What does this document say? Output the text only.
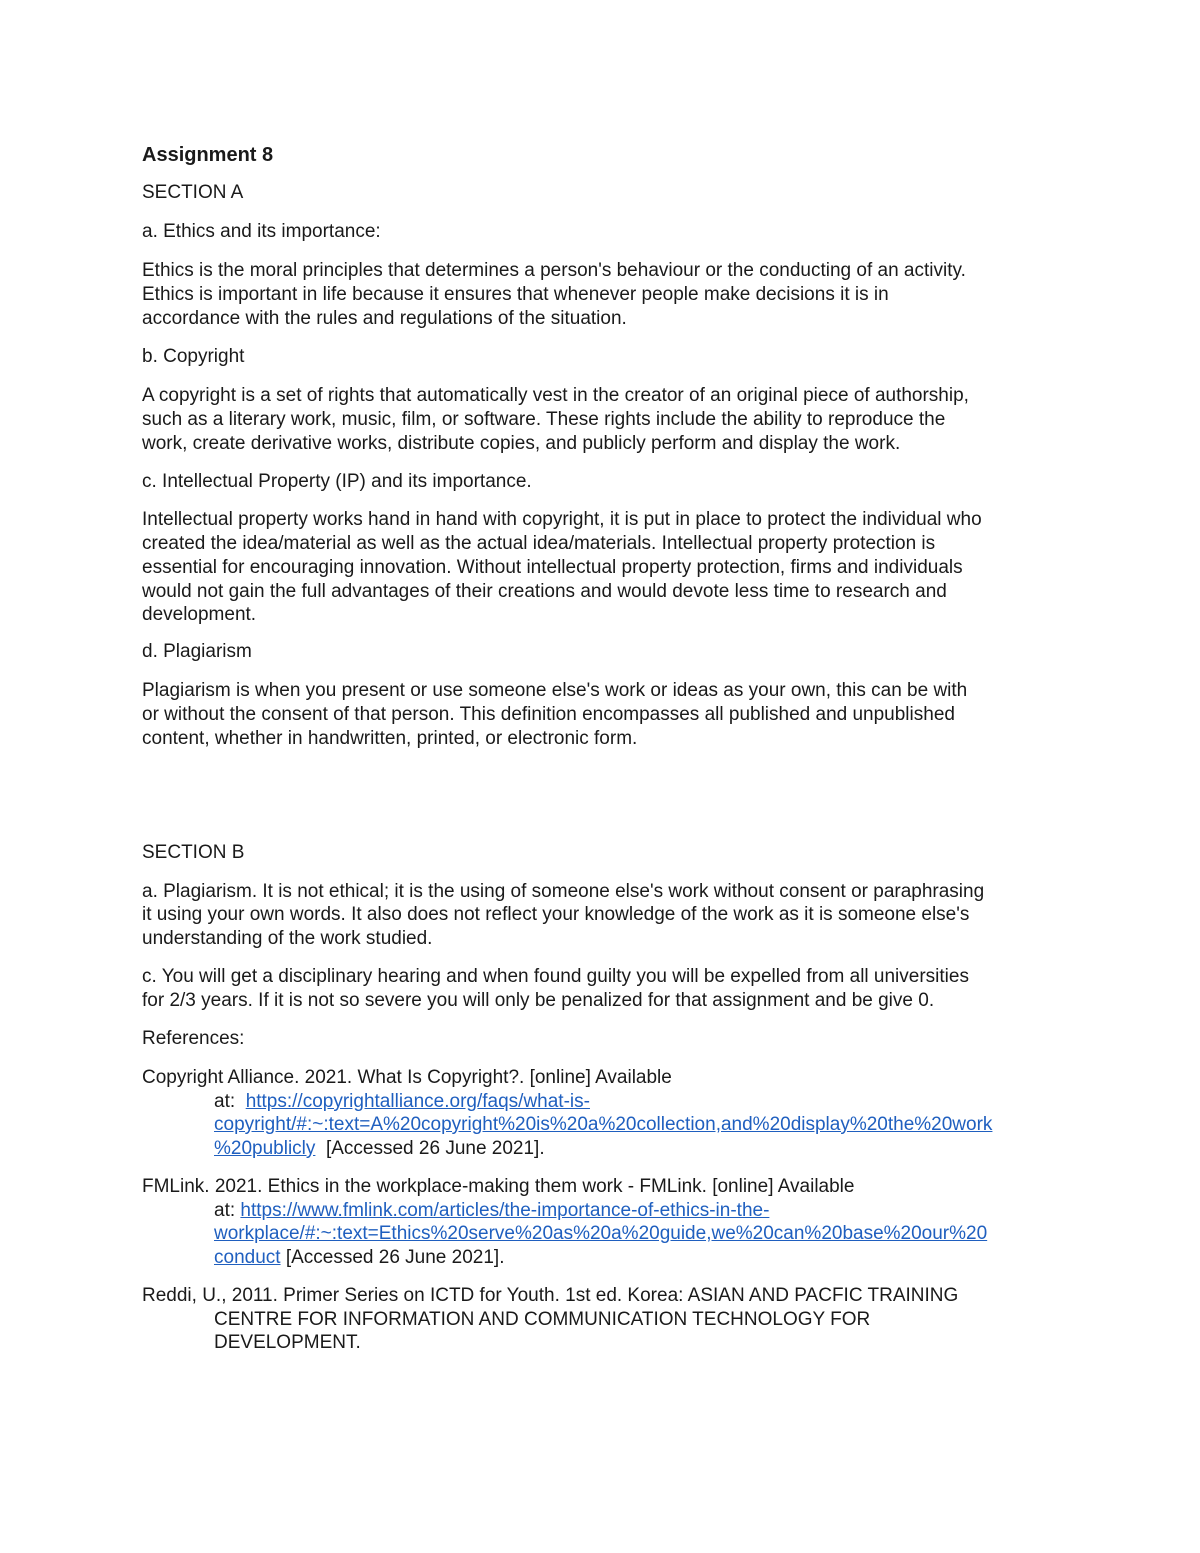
Assignment 8
SECTION A
a. Ethics and its importance:
Ethics is the moral principles that determines a person's behaviour or the conducting of an activity.
Ethics is important in life because it ensures that whenever people make decisions it is in
accordance with the rules and regulations of the situation.
b. Copyright
A copyright is a set of rights that automatically vest in the creator of an original piece of authorship,
such as a literary work, music, film, or software. These rights include the ability to reproduce the
work, create derivative works, distribute copies, and publicly perform and display the work.
c. Intellectual Property (IP) and its importance.
Intellectual property works hand in hand with copyright, it is put in place to protect the individual who
created the idea/material as well as the actual idea/materials. Intellectual property protection is
essential for encouraging innovation. Without intellectual property protection, firms and individuals
would not gain the full advantages of their creations and would devote less time to research and
development.
d. Plagiarism
Plagiarism is when you present or use someone else's work or ideas as your own, this can be with
or without the consent of that person. This definition encompasses all published and unpublished
content, whether in handwritten, printed, or electronic form.
SECTION B
a. Plagiarism. It is not ethical; it is the using of someone else's work without consent or paraphrasing
it using your own words. It also does not reflect your knowledge of the work as it is someone else's
understanding of the work studied.
c. You will get a disciplinary hearing and when found guilty you will be expelled from all universities
for 2/3 years. If it is not so severe you will only be penalized for that assignment and be give 0.
References:
Copyright Alliance. 2021. What Is Copyright?. [online] Available
at: https://copyrightalliance.org/faqs/what-is-
copyright/#:~:text=A%20copyright%20is%20a%20collection,and%20display%20the%20work
%20publicly [Accessed 26 June 2021].
FMLink. 2021. Ethics in the workplace-making them work - FMLink. [online] Available
at: https://www.fmlink.com/articles/the-importance-of-ethics-in-the-
workplace/#:~:text=Ethics%20serve%20as%20a%20guide,we%20can%20base%20our%20
conduct [Accessed 26 June 2021].
Reddi, U., 2011. Primer Series on ICTD for Youth. 1st ed. Korea: ASIAN AND PACFIC TRAINING
CENTRE FOR INFORMATION AND COMMUNICATION TECHNOLOGY FOR
DEVELOPMENT.
